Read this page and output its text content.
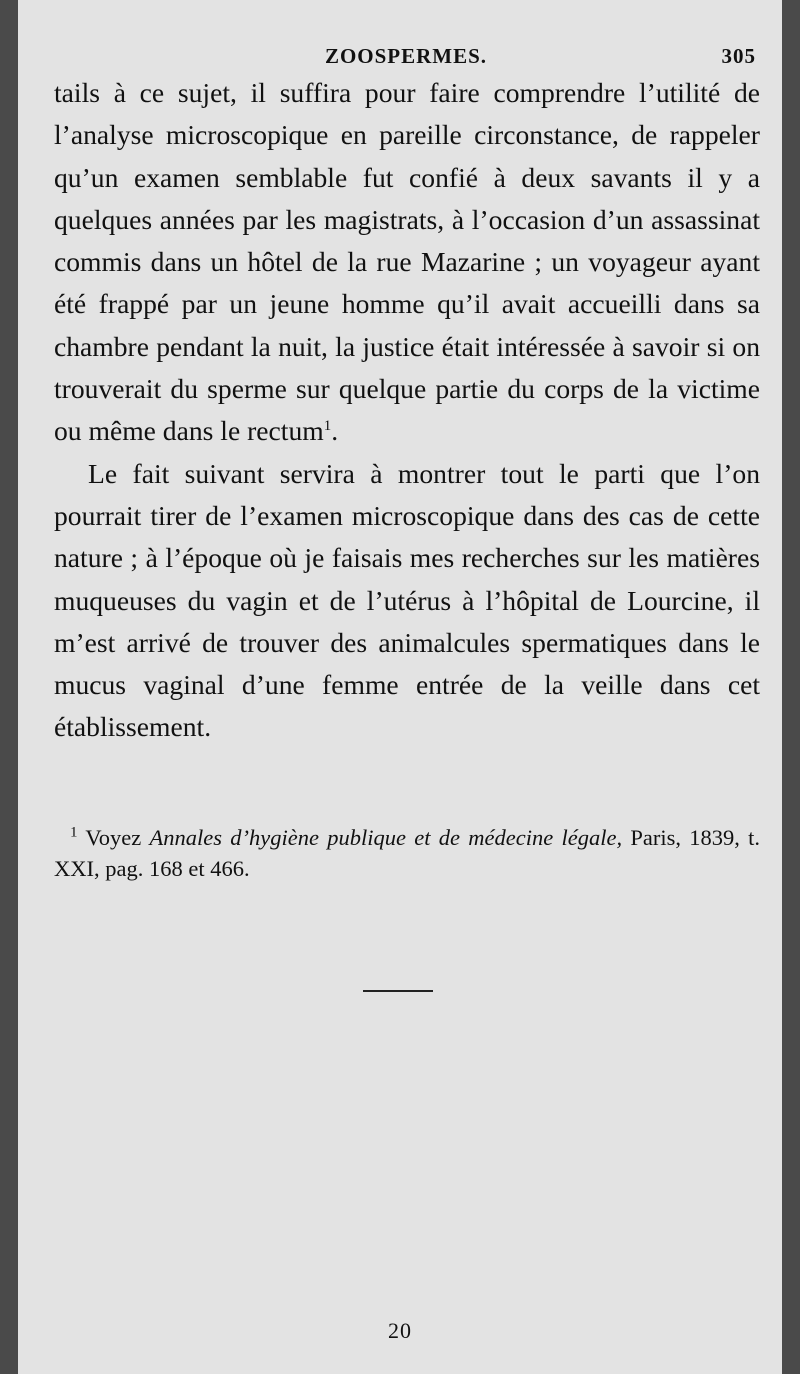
ZOOSPERMES.	305

tails à ce sujet, il suffira pour faire comprendre l’utilité de l’analyse microscopique en pareille circonstance, de rappeler qu’un examen semblable fut confié à deux savants il y a quelques années par les magistrats, à l’occasion d’un assassinat commis dans un hôtel de la rue Mazarine ; un voyageur ayant été frappé par un jeune homme qu’il avait accueilli dans sa chambre pendant la nuit, la justice était intéressée à savoir si on trouverait du sperme sur quelque partie du corps de la victime ou même dans le rectum$^1$.

Le fait suivant servira à montrer tout le parti que l’on pourrait tirer de l’examen microscopique dans des cas de cette nature ; à l’époque où je faisais mes recherches sur les matières muqueuses du vagin et de l’utérus à l’hôpital de Lourcine, il m’est arrivé de trouver des animalcules spermatiques dans le mucus vaginal d’une femme entrée de la veille dans cet établissement.

$^1$ Voyez Annales d’hygiène publique et de médecine légale, Paris, 1839, t. XXI, pag. 168 et 466.
20
